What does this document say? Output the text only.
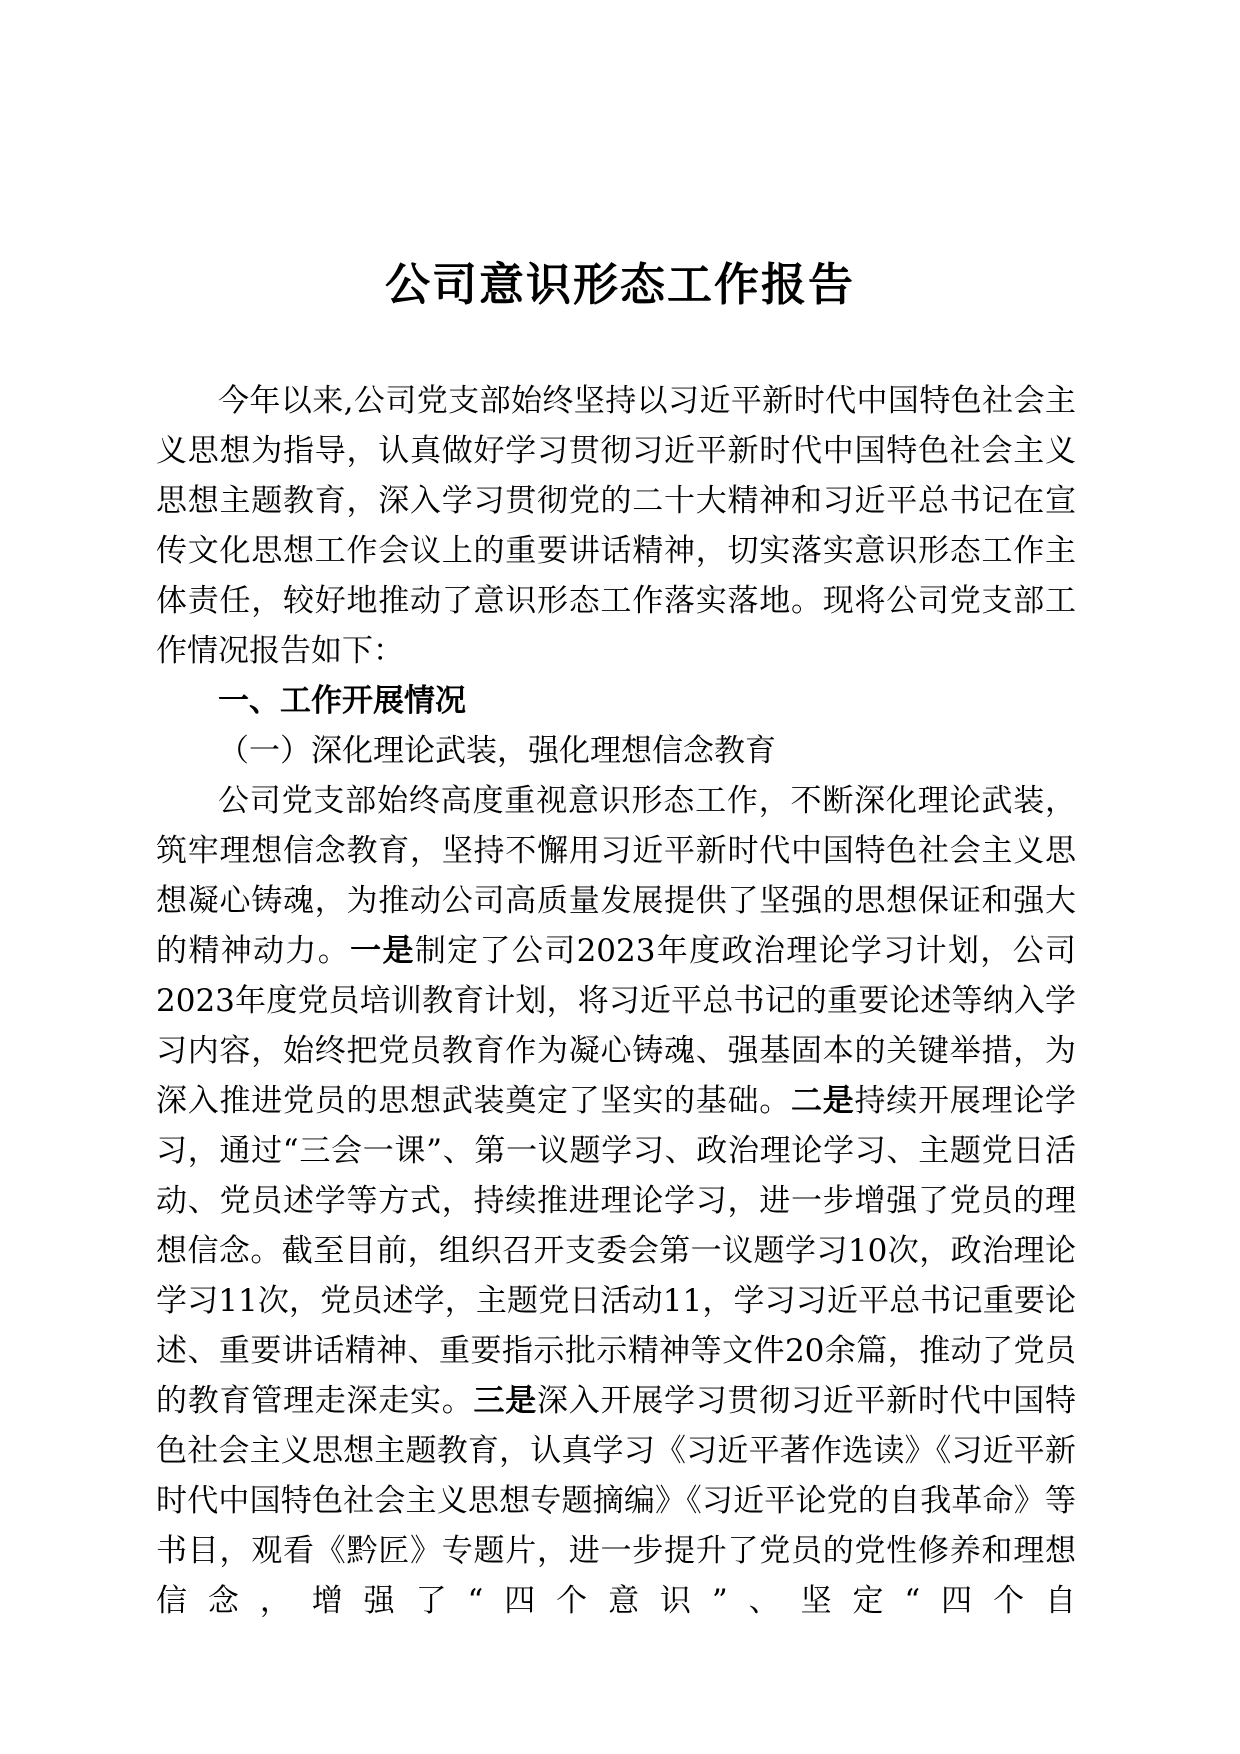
公司意识形态工作报告

今年以来,公司党支部始终坚持以习近平新时代中国特色社会主义思想为指导，认真做好学习贯彻习近平新时代中国特色社会主义思想主题教育，深入学习贯彻党的二十大精神和习近平总书记在宣传文化思想工作会议上的重要讲话精神，切实落实意识形态工作主体责任，较好地推动了意识形态工作落实落地。现将公司党支部工作情况报告如下：

一、工作开展情况

（一）深化理论武装，强化理想信念教育

公司党支部始终高度重视意识形态工作，不断深化理论武装，筑牢理想信念教育，坚持不懈用习近平新时代中国特色社会主义思想凝心铸魂，为推动公司高质量发展提供了坚强的思想保证和强大的精神动力。一是制定了公司2023年度政治理论学习计划，公司2023年度党员培训教育计划，将习近平总书记的重要论述等纳入学习内容，始终把党员教育作为凝心铸魂、强基固本的关键举措，为深入推进党员的思想武装奠定了坚实的基础。二是持续开展理论学习，通过“三会一课”、第一议题学习、政治理论学习、主题党日活动、党员述学等方式，持续推进理论学习，进一步增强了党员的理想信念。截至目前，组织召开支委会第一议题学习10次，政治理论学习11次，党员述学，主题党日活动11，学习习近平总书记重要论述、重要讲话精神、重要指示批示精神等文件20余篇，推动了党员的教育管理走深走实。三是深入开展学习贯彻习近平新时代中国特色社会主义思想主题教育，认真学习《习近平著作选读》《习近平新时代中国特色社会主义思想专题摘编》《习近平论党的自我革命》等书目，观看《黔匠》专题片，进一步提升了党员的党性修养和理想信念，增强了“四个意识”、坚定“四个自
